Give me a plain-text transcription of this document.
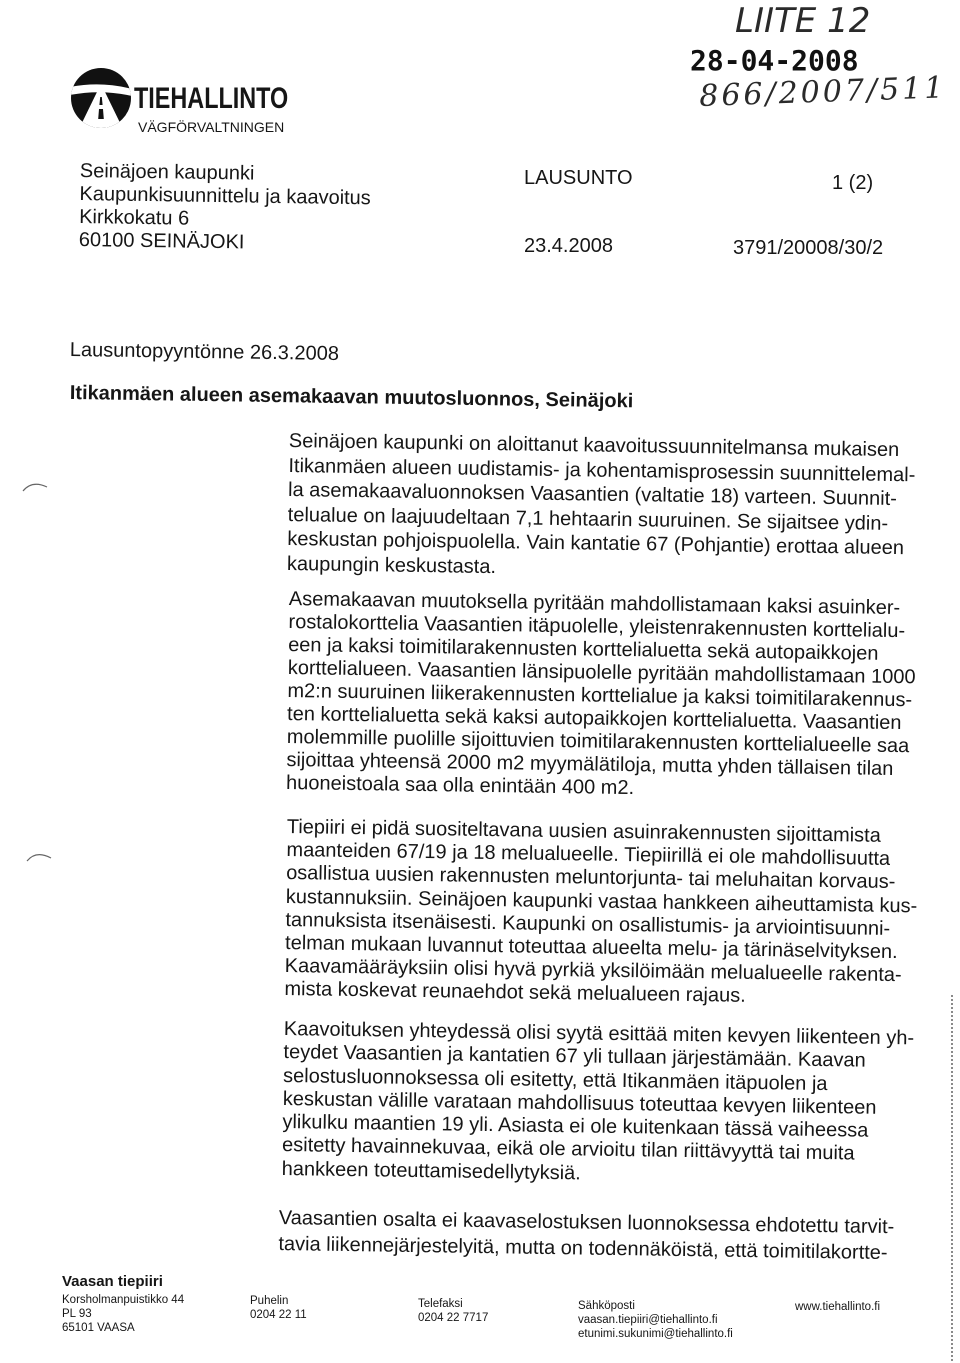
LIITE 12
28-04-2008
866/2007/511
TIEHALLINTO
VÄGFÖRVALTNINGEN
Seinäjoen kaupunki
Kaupunkisuunnittelu ja kaavoitus
Kirkkokatu 6
60100 SEINÄJOKI
LAUSUNTO	1 (2)
23.4.2008	3791/20008/30/2
Lausuntopyyntönne 26.3.2008
Itikanmäen alueen asemakaavan muutosluonnos, Seinäjoki
Seinäjoen kaupunki on aloittanut kaavoitussuunnitelmansa mukaisen
Itikanmäen alueen uudistamis- ja kohentamisprosessin suunnittelemal-
la asemakaavaluonnoksen Vaasantien (valtatie 18) varteen. Suunnit-
telualue on laajuudeltaan 7,1 hehtaarin suuruinen. Se sijaitsee ydin-
keskustan pohjoispuolella. Vain kantatie 67 (Pohjantie) erottaa alueen
kaupungin keskustasta.
Asemakaavan muutoksella pyritään mahdollistamaan kaksi asuinker-
rostalokorttelia Vaasantien itäpuolelle, yleistenrakennusten korttelialu-
een ja kaksi toimitilarakennusten korttelialuetta sekä autopaikkojen
korttelialueen. Vaasantien länsipuolelle pyritään mahdollistamaan 1000
m2:n suuruinen liikerakennusten korttelialue ja kaksi toimitilarakennus-
ten korttelialuetta sekä kaksi autopaikkojen korttelialuetta. Vaasantien
molemmille puolille sijoittuvien toimitilarakennusten korttelialueelle saa
sijoittaa yhteensä 2000 m2 myymälätiloja, mutta yhden tällaisen tilan
huoneistoala saa olla enintään 400 m2.
Tiepiiri ei pidä suositeltavana uusien asuinrakennusten sijoittamista
maanteiden 67/19 ja 18 melualueelle. Tiepiirillä ei ole mahdollisuutta
osallistua uusien rakennusten meluntorjunta- tai meluhaitan korvaus-
kustannuksiin. Seinäjoen kaupunki vastaa hankkeen aiheuttamista kus-
tannuksista itsenäisesti. Kaupunki on osallistumis- ja arviointisuunni-
telman mukaan luvannut toteuttaa alueelta melu- ja tärinäselvityksen.
Kaavamääräyksiin olisi hyvä pyrkiä yksilöimään melualueelle rakenta-
mista koskevat reunaehdot sekä melualueen rajaus.
Kaavoituksen yhteydessä olisi syytä esittää miten kevyen liikenteen yh-
teydet Vaasantien ja kantatien 67 yli tullaan järjestämään. Kaavan
selostusluonnoksessa oli esitetty, että Itikanmäen itäpuolen ja
keskustan välille varataan mahdollisuus toteuttaa kevyen liikenteen
ylikulku maantien 19 yli. Asiasta ei ole kuitenkaan tässä vaiheessa
esitetty havainnekuvaa, eikä ole arvioitu tilan riittävyyttä tai muita
hankkeen toteuttamisedellytyksiä.
Vaasantien osalta ei kaavaselostuksen luonnoksessa ehdotettu tarvit-
tavia liikennejärjestelyitä, mutta on todennäköistä, että toimitilakortte-
Vaasan tiepiiri
Korsholmanpuistikko 44
PL 93
65101 VAASA
Puhelin
0204 22 11
Telefaksi
0204 22 7717
Sähköposti
vaasan.tiepiiri@tiehallinto.fi
etunimi.sukunimi@tiehallinto.fi
www.tiehallinto.fi
